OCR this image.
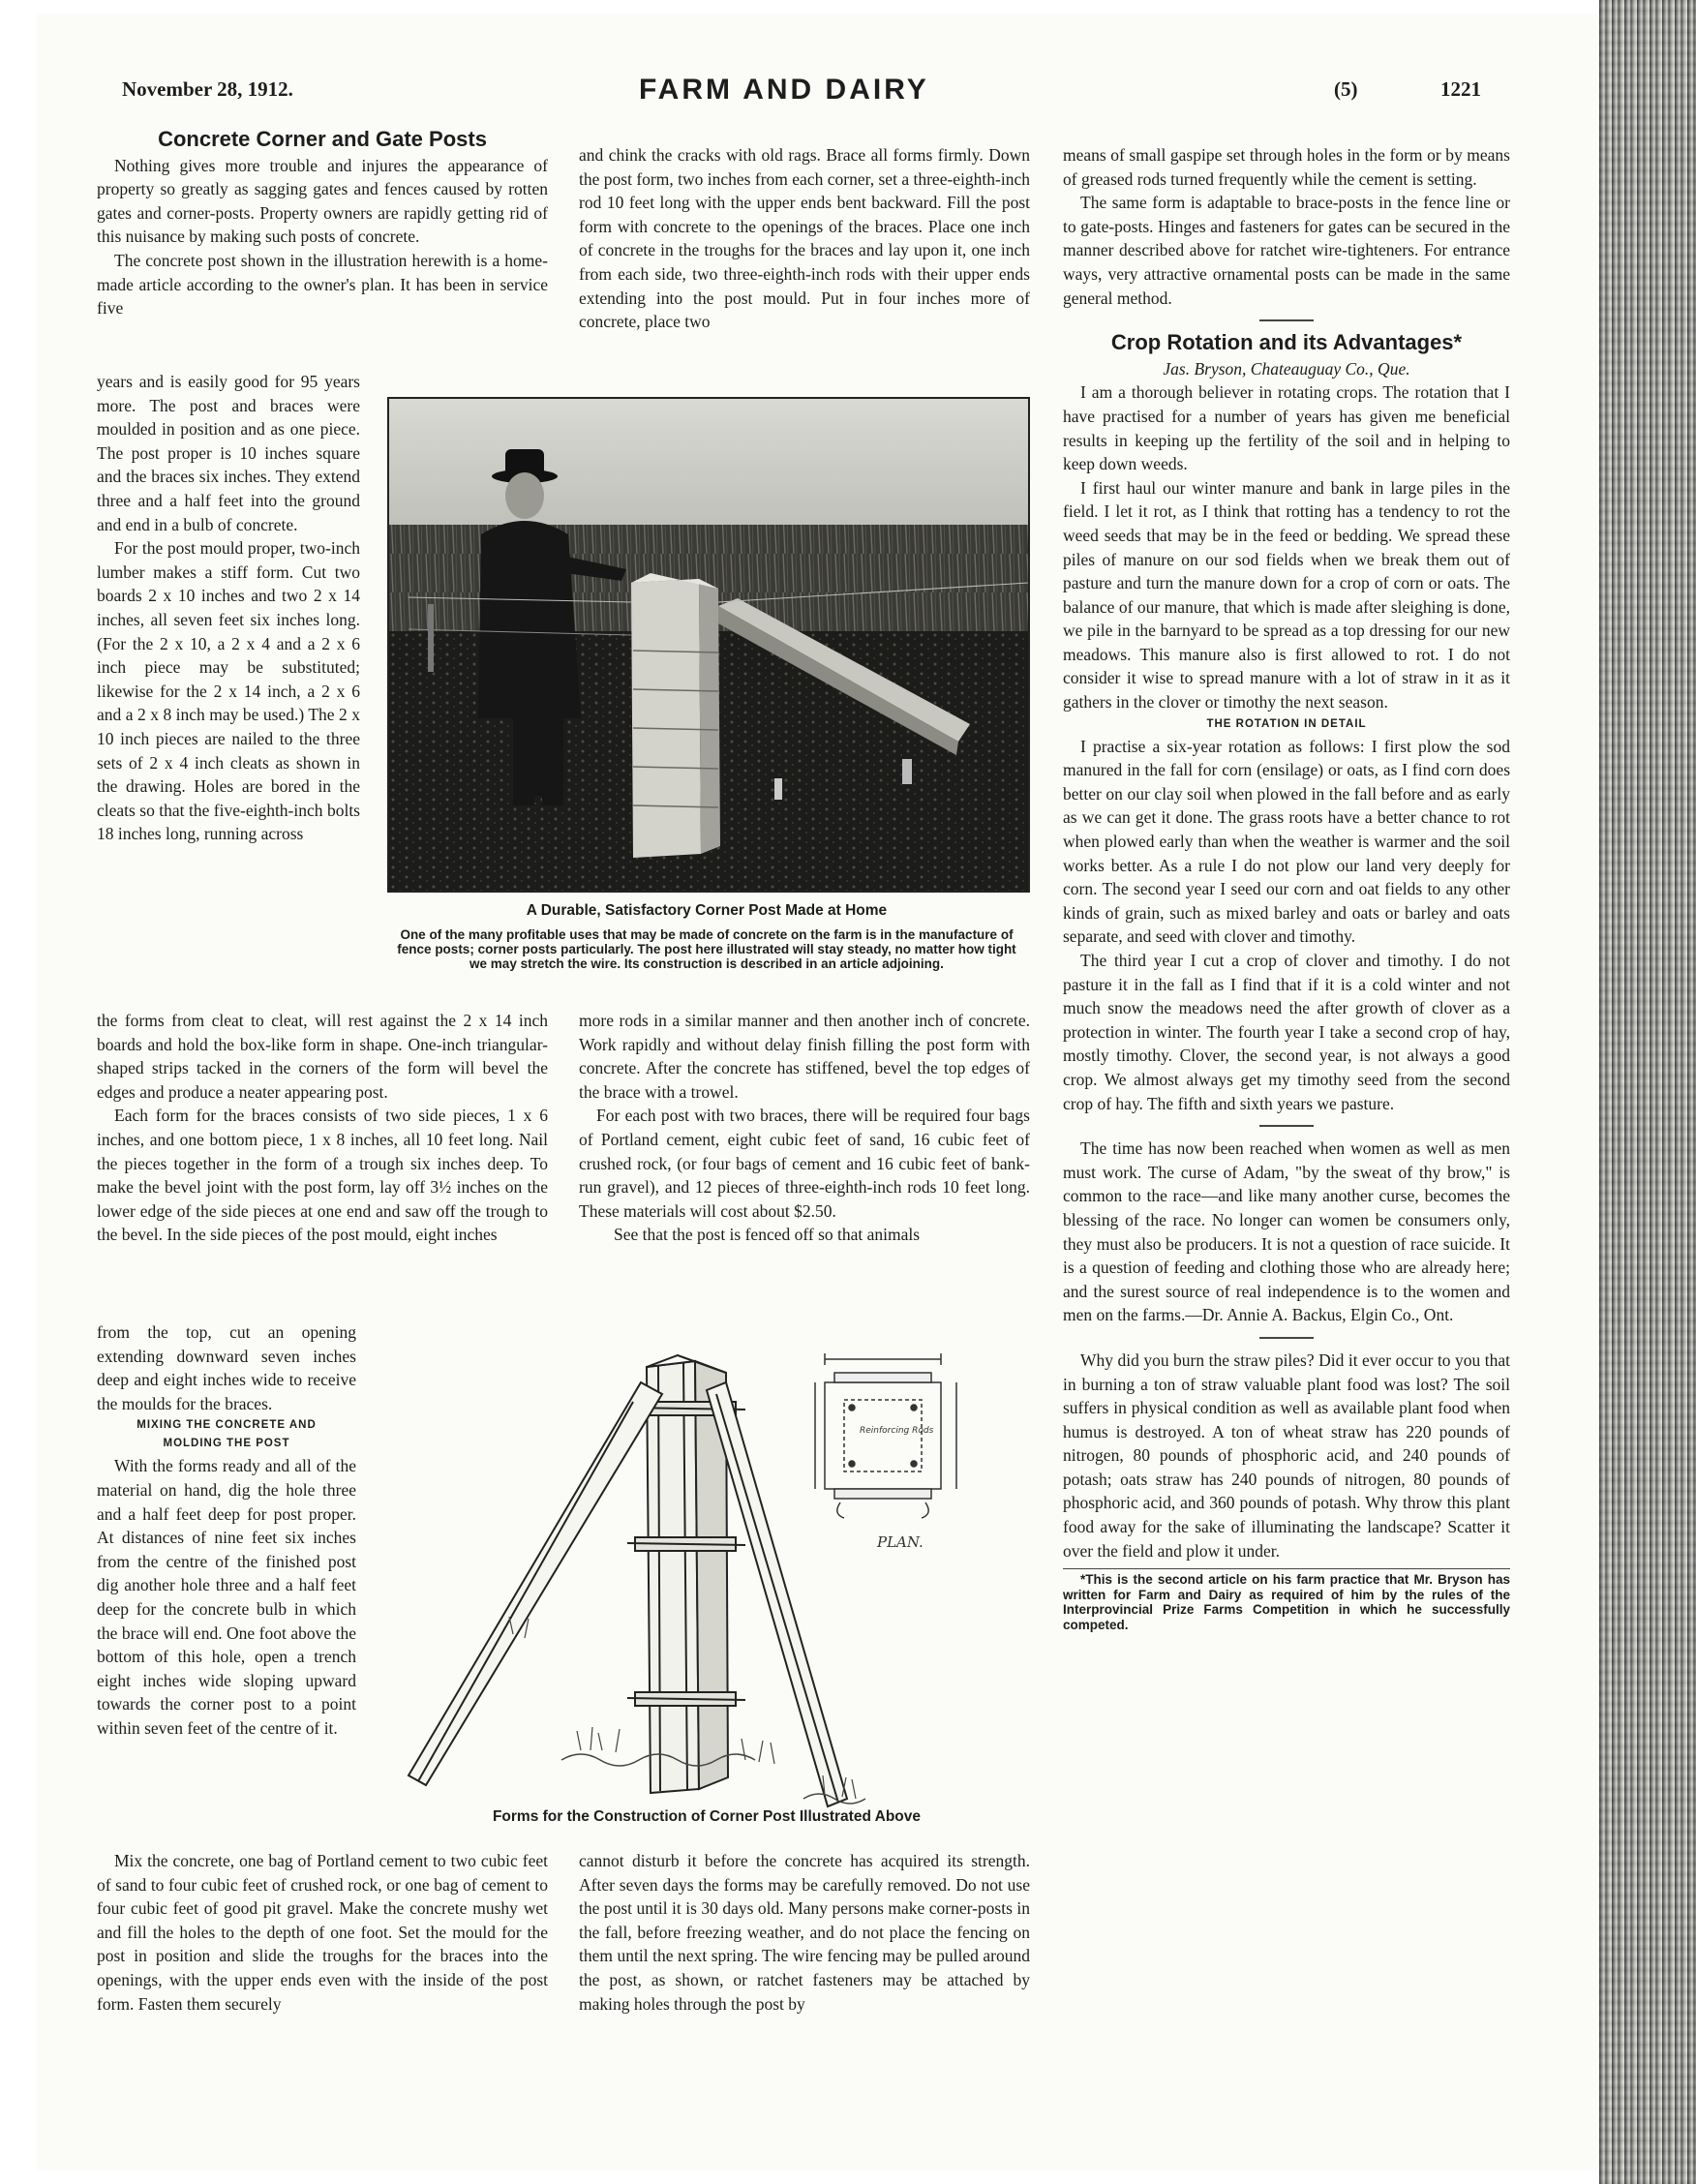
November 28, 1912.	FARM AND DAIRY	(5)	1221
Concrete Corner and Gate Posts

Nothing gives more trouble and injures the appearance of property so greatly as sagging gates and fences caused by rotten gates and corner-posts. Property owners are rapidly getting rid of this nuisance by making such posts of concrete.

The concrete post shown in the illustration herewith is a home-made article according to the owner's plan. It has been in service five

years and is easily good for 95 years more. The post and braces were moulded in position and as one piece. The post proper is 10 inches square and the braces six inches. They extend three and a half feet into the ground and end in a bulb of concrete.

For the post mould proper, two-inch lumber makes a stiff form. Cut two boards 2 x 10 inches and two 2 x 14 inches, all seven feet six inches long. (For the 2 x 10, a 2 x 4 and a 2 x 6 inch piece may be substituted; likewise for the 2 x 14 inch, a 2 x 6 and a 2 x 8 inch may be used.) The 2 x 10 inch pieces are nailed to the three sets of 2 x 4 inch cleats as shown in the drawing. Holes are bored in the cleats so that the five-eighth-inch bolts 18 inches long, running across

the forms from cleat to cleat, will rest against the 2 x 14 inch boards and hold the box-like form in shape. One-inch triangular-shaped strips tacked in the corners of the form will bevel the edges and produce a neater appearing post.

Each form for the braces consists of two side pieces, 1 x 6 inches, and one bottom piece, 1 x 8 inches, all 10 feet long. Nail the pieces together in the form of a trough six inches deep. To make the bevel joint with the post form, lay off 3½ inches on the lower edge of the side pieces at one end and saw off the trough to the bevel. In the side pieces of the post mould, eight inches

from the top, cut an opening extending downward seven inches deep and eight inches wide to receive the moulds for the braces.

MIXING THE CONCRETE AND
MOLDING THE POST

With the forms ready and all of the material on hand, dig the hole three and a half feet deep for post proper. At distances of nine feet six inches from the centre of the finished post dig another hole three and a half feet deep for the concrete bulb in which the brace will end. One foot above the bottom of this hole, open a trench eight inches wide sloping upward towards the corner post to a point within seven feet of the centre of it.

Mix the concrete, one bag of Portland cement to two cubic feet of sand to four cubic feet of crushed rock, or one bag of cement to four cubic feet of good pit gravel. Make the concrete mushy wet and fill the holes to the depth of one foot. Set the mould for the post in position and slide the troughs for the braces into the openings, with the upper ends even with the inside of the post form. Fasten them securely

and chink the cracks with old rags. Brace all forms firmly. Down the post form, two inches from each corner, set a three-eighth-inch rod 10 feet long with the upper ends bent backward. Fill the post form with concrete to the openings of the braces. Place one inch of concrete in the troughs for the braces and lay upon it, one inch from each side, two three-eighth-inch rods with their upper ends extending into the post mould. Put in four inches more of concrete, place two

A Durable, Satisfactory Corner Post Made at Home
One of the many profitable uses that may be made of concrete on the farm is in the manufacture of fence posts; corner posts particularly. The post here illustrated will stay steady, no matter how tight we may stretch the wire. Its construction is described in an article adjoining.

more rods in a similar manner and then another inch of concrete. Work rapidly and without delay finish filling the post form with concrete. After the concrete has stiffened, bevel the top edges of the brace with a trowel.

For each post with two braces, there will be required four bags of Portland cement, eight cubic feet of sand, 16 cubic feet of crushed rock, (or four bags of cement and 16 cubic feet of bank-run gravel), and 12 pieces of three-eighth-inch rods 10 feet long. These materials will cost about $2.50.

See that the post is fenced off so that animals

Reinforcing Rods
PLAN.
Forms for the Construction of Corner Post Illustrated Above

cannot disturb it before the concrete has acquired its strength. After seven days the forms may be carefully removed. Do not use the post until it is 30 days old. Many persons make corner-posts in the fall, before freezing weather, and do not place the fencing on them until the next spring. The wire fencing may be pulled around the post, as shown, or ratchet fasteners may be attached by making holes through the post by

means of small gaspipe set through holes in the form or by means of greased rods turned frequently while the cement is setting.

The same form is adaptable to brace-posts in the fence line or to gate-posts. Hinges and fasteners for gates can be secured in the manner described above for ratchet wire-tighteners. For entrance ways, very attractive ornamental posts can be made in the same general method.

Crop Rotation and its Advantages*
Jas. Bryson, Chateauguay Co., Que.

I am a thorough believer in rotating crops. The rotation that I have practised for a number of years has given me beneficial results in keeping up the fertility of the soil and in helping to keep down weeds.

I first haul our winter manure and bank in large piles in the field. I let it rot, as I think that rotting has a tendency to rot the weed seeds that may be in the feed or bedding. We spread these piles of manure on our sod fields when we break them out of pasture and turn the manure down for a crop of corn or oats. The balance of our manure, that which is made after sleighing is done, we pile in the barnyard to be spread as a top dressing for our new meadows. This manure also is first allowed to rot. I do not consider it wise to spread manure with a lot of straw in it as it gathers in the clover or timothy the next season.

THE ROTATION IN DETAIL

I practise a six-year rotation as follows: I first plow the sod manured in the fall for corn (ensilage) or oats, as I find corn does better on our clay soil when plowed in the fall before and as early as we can get it done. The grass roots have a better chance to rot when plowed early than when the weather is warmer and the soil works better. As a rule I do not plow our land very deeply for corn. The second year I seed our corn and oat fields to any other kinds of grain, such as mixed barley and oats or barley and oats separate, and seed with clover and timothy.

The third year I cut a crop of clover and timothy. I do not pasture it in the fall as I find that if it is a cold winter and not much snow the meadows need the after growth of clover as a protection in winter. The fourth year I take a second crop of hay, mostly timothy. Clover, the second year, is not always a good crop. We almost always get my timothy seed from the second crop of hay. The fifth and sixth years we pasture.

The time has now been reached when women as well as men must work. The curse of Adam, "by the sweat of thy brow," is common to the race—and like many another curse, becomes the blessing of the race. No longer can women be consumers only, they must also be producers. It is not a question of race suicide. It is a question of feeding and clothing those who are already here; and the surest source of real independence is to the women and men on the farms.—Dr. Annie A. Backus, Elgin Co., Ont.

Why did you burn the straw piles? Did it ever occur to you that in burning a ton of straw valuable plant food was lost? The soil suffers in physical condition as well as available plant food when humus is destroyed. A ton of wheat straw has 220 pounds of nitrogen, 80 pounds of phosphoric acid, and 240 pounds of potash; oats straw has 240 pounds of nitrogen, 80 pounds of phosphoric acid, and 360 pounds of potash. Why throw this plant food away for the sake of illuminating the landscape? Scatter it over the field and plow it under.

*This is the second article on his farm practice that Mr. Bryson has written for Farm and Dairy as required of him by the rules of the Interprovincial Prize Farms Competition in which he successfully competed.
